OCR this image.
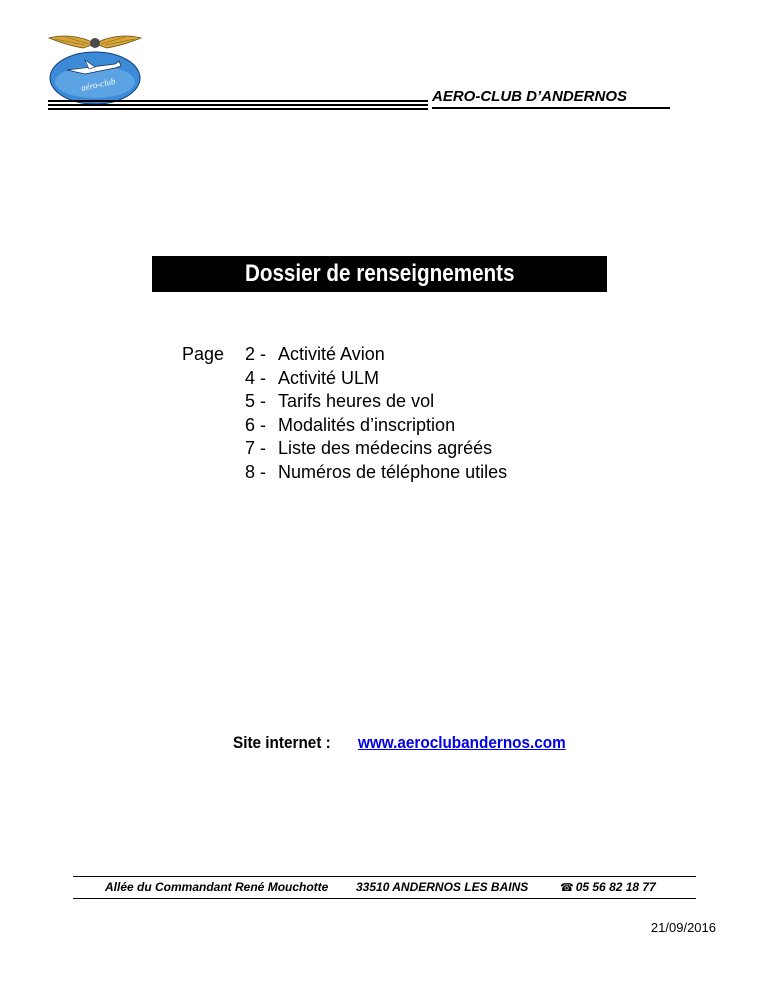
aéro-club
AERO-CLUB D’ANDERNOS
Dossier de renseignements
Page 2 - Activité Avion
4 - Activité ULM
5 - Tarifs heures de vol
6 - Modalités d’inscription
7 - Liste des médecins agréés
8 - Numéros de téléphone utiles
Site internet : www.aeroclubandernos.com
Allée du Commandant René Mouchotte 33510 ANDERNOS LES BAINS	☎ 05 56 82 18 77
21/09/2016
